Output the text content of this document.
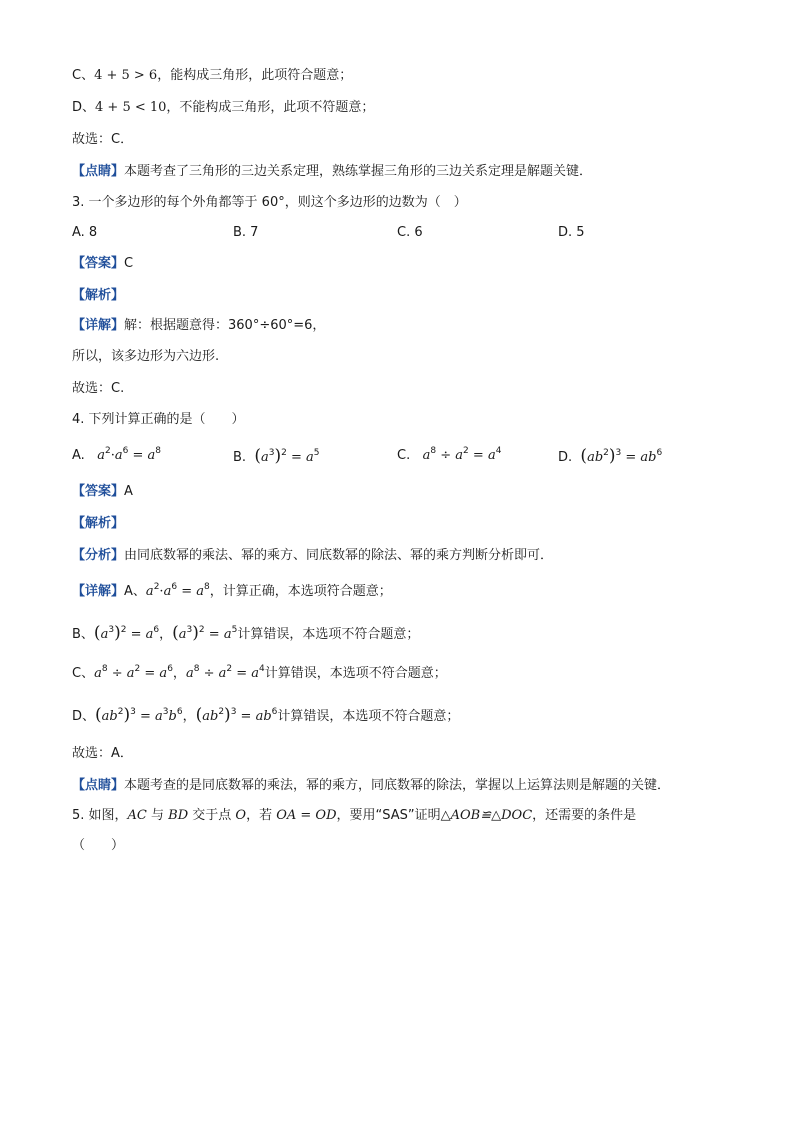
C、4 + 5 > 6，能构成三角形，此项符合题意；
D、4 + 5 < 10，不能构成三角形，此项不符题意；
故选：C．
【点睛】本题考查了三角形的三边关系定理，熟练掌握三角形的三边关系定理是解题关键．
3. 一个多边形的每个外角都等于 60°，则这个多边形的边数为（　）
A. 8	B. 7	C. 6	D. 5
【答案】C
【解析】
【详解】解：根据题意得：360°÷60°=6，
所以，该多边形为六边形.
故选：C.
4. 下列计算正确的是（　　）
A.   $a^2\cdot a^6 = a^8$	B.  $(a^3)^2 = a^5$	C.   $a^8 \div a^2 = a^4$	D.  $(ab^2)^3 = ab^6$
【答案】A
【解析】
【分析】由同底数幂的乘法、幂的乘方、同底数幂的除法、幂的乘方判断分析即可．
【详解】A、$a^2\cdot a^6 = a^8$，计算正确，本选项符合题意；
B、$(a^3)^2 = a^6$，$(a^3)^2 = a^5$计算错误，本选项不符合题意；
C、$a^8 \div a^2 = a^6$，$a^8 \div a^2 = a^4$计算错误，本选项不符合题意；
D、$(ab^2)^3 = a^3b^6$，$(ab^2)^3 = ab^6$计算错误，本选项不符合题意；
故选：A．
【点睛】本题考查的是同底数幂的乘法，幂的乘方，同底数幂的除法，掌握以上运算法则是解题的关键．
5. 如图，AC 与 BD 交于点 O，若 OA = OD，要用“SAS”证明△AOB≌△DOC，还需要的条件是
（　　）
